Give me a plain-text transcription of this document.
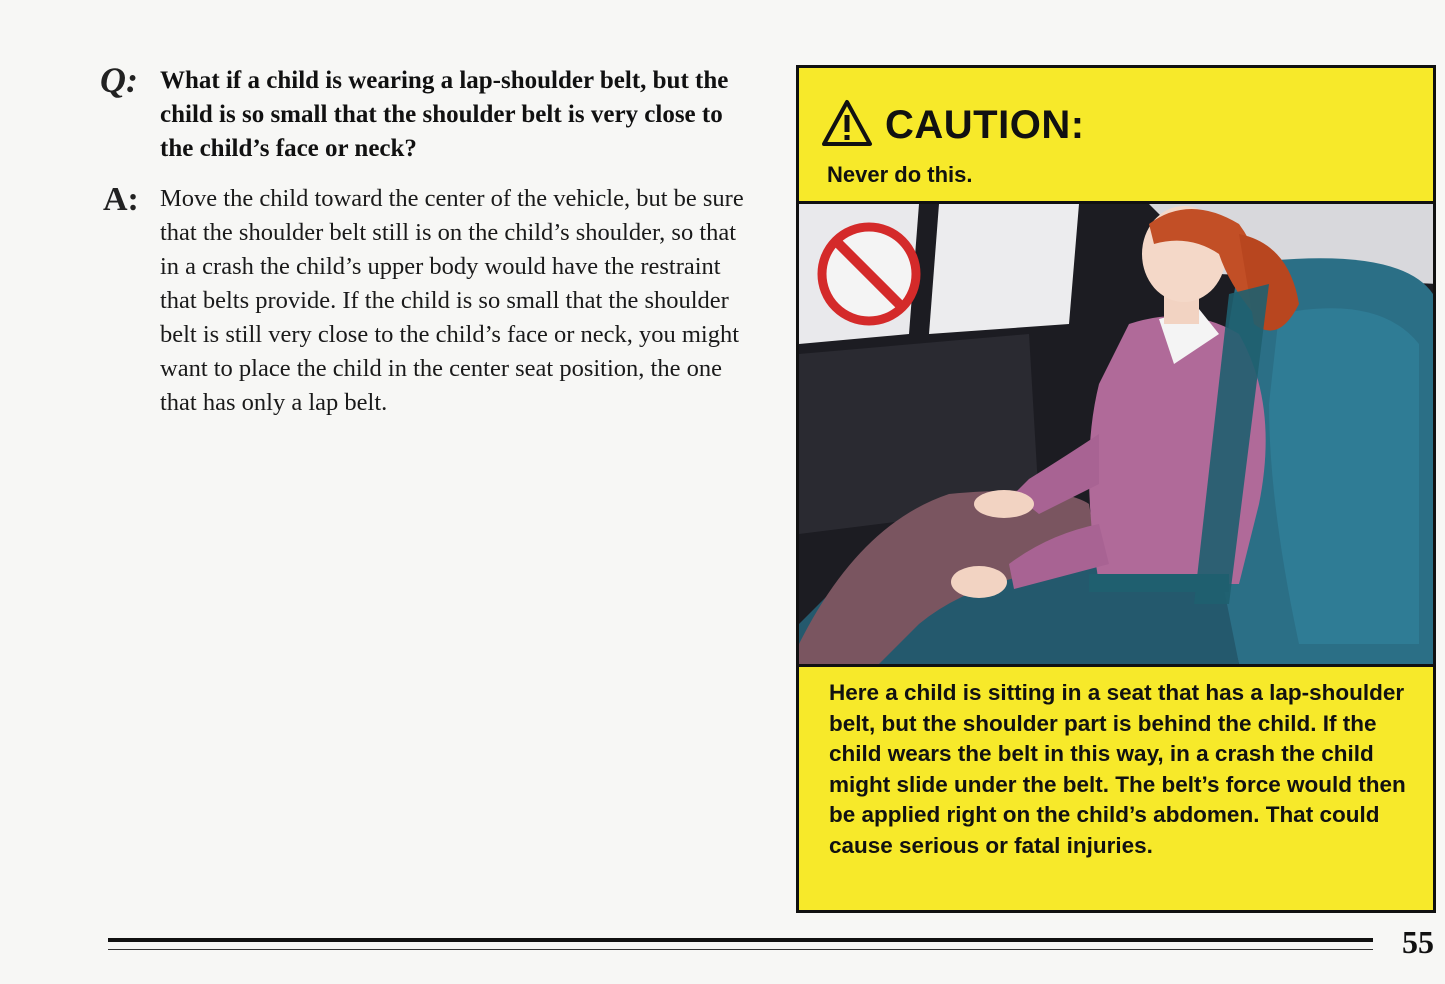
Q: What if a child is wearing a lap-shoulder belt, but the child is so small that the shoulder belt is very close to the child’s face or neck?
A: Move the child toward the center of the vehicle, but be sure that the shoulder belt still is on the child’s shoulder, so that in a crash the child’s upper body would have the restraint that belts provide. If the child is so small that the shoulder belt is still very close to the child’s face or neck, you might want to place the child in the center seat position, the one that has only a lap belt.
CAUTION:
Never do this.
Here a child is sitting in a seat that has a lap-shoulder belt, but the shoulder part is behind the child. If the child wears the belt in this way, in a crash the child might slide under the belt. The belt’s force would then be applied right on the child’s abdomen. That could cause serious or fatal injuries.
55
